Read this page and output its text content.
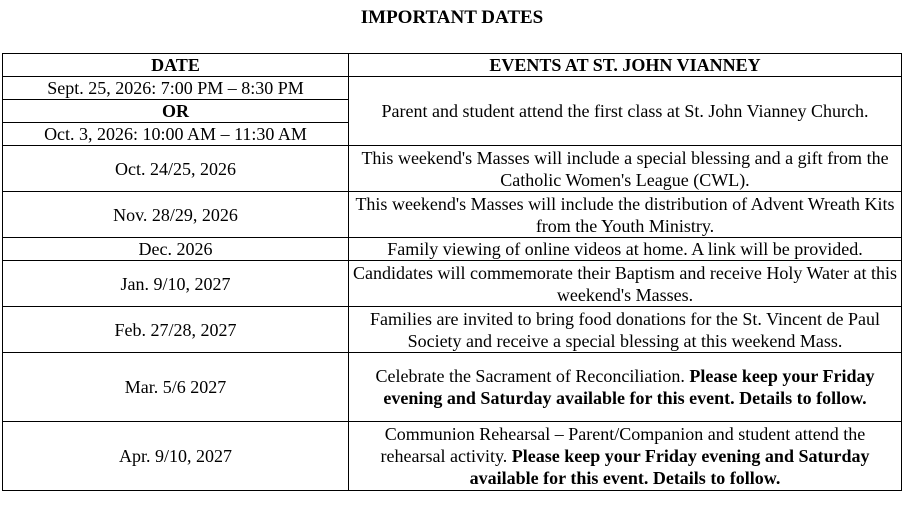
IMPORTANT DATES
DATE	EVENTS AT ST. JOHN VIANNEY
Sept. 25, 2026: 7:00 PM – 8:30 PM	Parent and student attend the first class at St. John Vianney Church.
OR	
Oct. 3, 2026: 10:00 AM – 11:30 AM	
Oct. 24/25, 2026	This weekend's Masses will include a special blessing and a gift from the Catholic Women's League (CWL).
Nov. 28/29, 2026	This weekend's Masses will include the distribution of Advent Wreath Kits from the Youth Ministry.
Dec. 2026	Family viewing of online videos at home. A link will be provided.
Jan. 9/10, 2027	Candidates will commemorate their Baptism and receive Holy Water at this weekend's Masses.
Feb. 27/28, 2027	Families are invited to bring food donations for the St. Vincent de Paul Society and receive a special blessing at this weekend Mass.
Mar. 5/6 2027	Celebrate the Sacrament of Reconciliation. Please keep your Friday evening and Saturday available for this event. Details to follow.
Apr. 9/10, 2027	Communion Rehearsal – Parent/Companion and student attend the rehearsal activity. Please keep your Friday evening and Saturday available for this event. Details to follow.
